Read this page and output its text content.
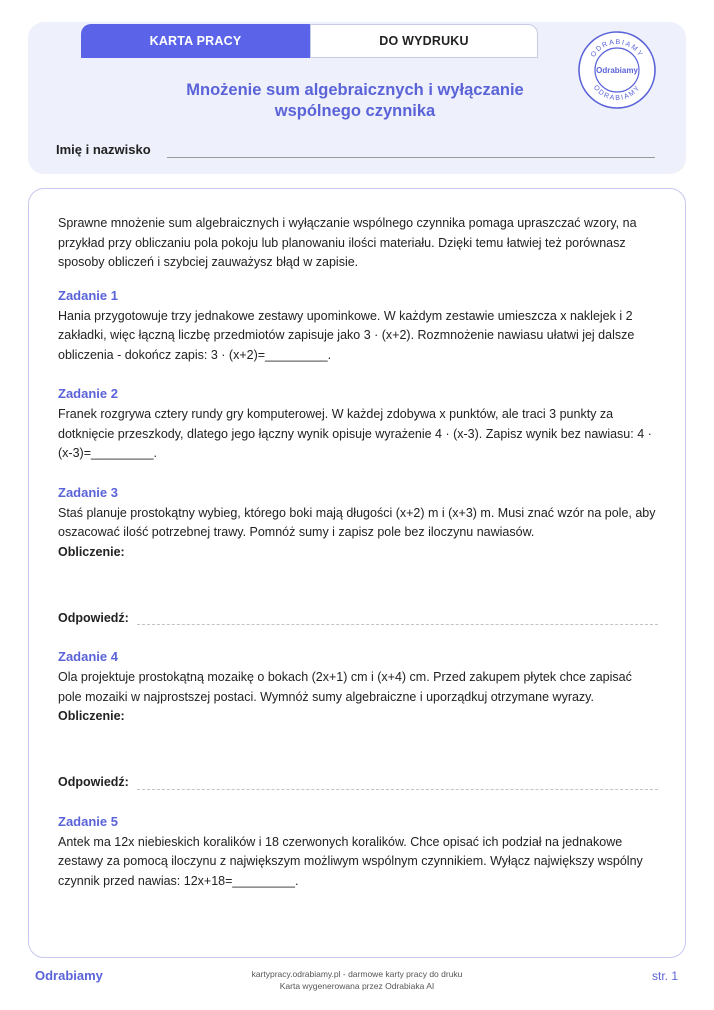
KARTA PRACY	DO WYDRUKU
Mnożenie sum algebraicznych i wyłączanie
wspólnego czynnika
Imię i nazwisko
ODRABIAMY
ODRABIAMY
Odrabiamy

Sprawne mnożenie sum algebraicznych i wyłączanie wspólnego czynnika pomaga upraszczać wzory, na przykład przy obliczaniu pola pokoju lub planowaniu ilości materiału. Dzięki temu łatwiej też porównasz sposoby obliczeń i szybciej zauważysz błąd w zapisie.

Zadanie 1

Hania przygotowuje trzy jednakowe zestawy upominkowe. W każdym zestawie umieszcza x naklejek i 2 zakładki, więc łączną liczbę przedmiotów zapisuje jako 3 · (x+2). Rozmnożenie nawiasu ułatwi jej dalsze obliczenia - dokończ zapis: 3 · (x+2)=_________.

Zadanie 2

Franek rozgrywa cztery rundy gry komputerowej. W każdej zdobywa x punktów, ale traci 3 punkty za dotknięcie przeszkody, dlatego jego łączny wynik opisuje wyrażenie 4 · (x-3). Zapisz wynik bez nawiasu: 4 · (x-3)=_________.

Zadanie 3

Staś planuje prostokątny wybieg, którego boki mają długości (x+2) m i (x+3) m. Musi znać wzór na pole, aby oszacować ilość potrzebnej trawy. Pomnóż sumy i zapisz pole bez iloczynu nawiasów.

Obliczenie:
Odpowiedź:
Zadanie 4

Ola projektuje prostokątną mozaikę o bokach (2x+1) cm i (x+4) cm. Przed zakupem płytek chce zapisać pole mozaiki w najprostszej postaci. Wymnóż sumy algebraiczne i uporządkuj otrzymane wyrazy.

Obliczenie:
Odpowiedź:
Zadanie 5

Antek ma 12x niebieskich koralików i 18 czerwonych koralików. Chce opisać ich podział na jednakowe zestawy za pomocą iloczynu z największym możliwym wspólnym czynnikiem. Wyłącz największy wspólny czynnik przed nawias: 12x+18=_________.

Odrabiamy	kartypracy.odrabiamy.pl - darmowe karty pracy do druku
Karta wygenerowana przez Odrabiaka AI
str. 1
